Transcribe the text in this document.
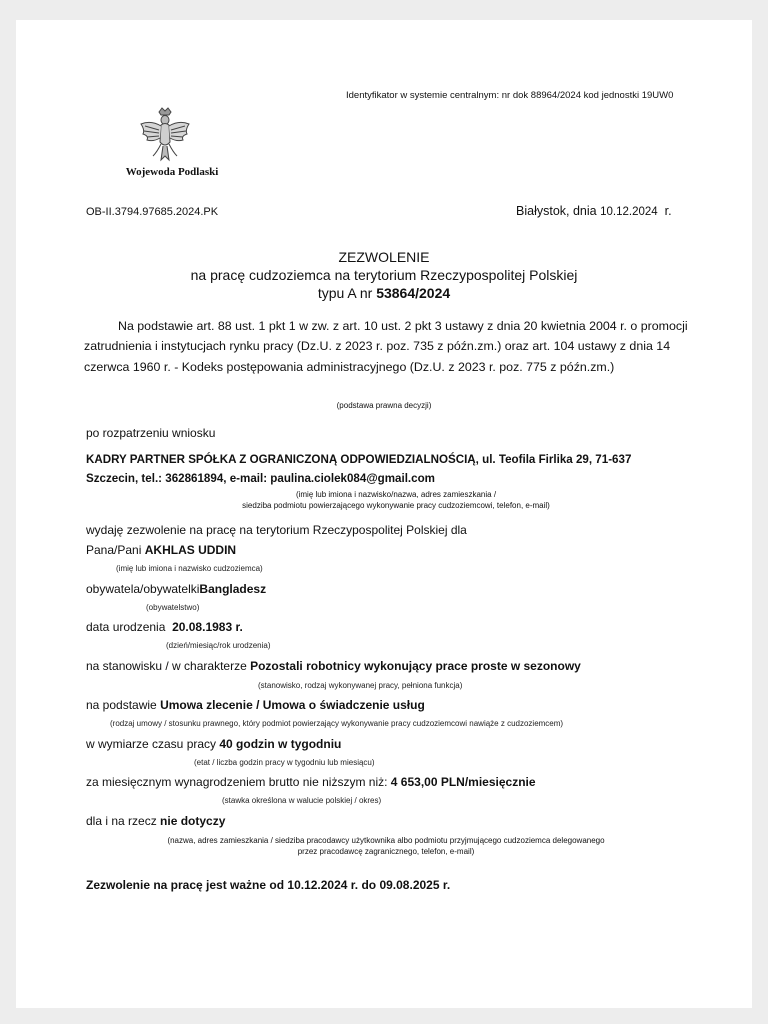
Identyfikator w systemie centralnym: nr dok 88964/2024 kod jednostki 19UW0
Wojewoda Podlaski
OB-II.3794.97685.2024.PK	Białystok, dnia 10.12.2024 r.
ZEZWOLENIE
na pracę cudzoziemca na terytorium Rzeczypospolitej Polskiej
typu A nr 53864/2024
Na podstawie art. 88 ust. 1 pkt 1 w zw. z art. 10 ust. 2 pkt 3 ustawy z dnia 20 kwietnia 2004 r. o promocji zatrudnienia i instytucjach rynku pracy (Dz.U. z 2023 r. poz. 735 z późn.zm.) oraz art. 104 ustawy z dnia 14 czerwca 1960 r. - Kodeks postępowania administracyjnego (Dz.U. z 2023 r. poz. 775 z późn.zm.)
(podstawa prawna decyzji)
po rozpatrzeniu wniosku
KADRY PARTNER SPÓŁKA Z OGRANICZONĄ ODPOWIEDZIALNOŚCIĄ, ul. Teofila Firlika 29, 71-637
Szczecin, tel.: 362861894, e-mail: paulina.ciolek084@gmail.com
(imię lub imiona i nazwisko/nazwa, adres zamieszkania /
siedziba podmiotu powierzającego wykonywanie pracy cudzoziemcowi, telefon, e-mail)
wydaję zezwolenie na pracę na terytorium Rzeczypospolitej Polskiej dla
Pana/Pani AKHLAS UDDIN
(imię lub imiona i nazwisko cudzoziemca)
obywatela/obywatelkiBangladesz
(obywatelstwo)
data urodzenia 20.08.1983 r.
(dzień/miesiąc/rok urodzenia)
na stanowisku / w charakterze Pozostali robotnicy wykonujący prace proste w sezonowy
(stanowisko, rodzaj wykonywanej pracy, pełniona funkcja)
na podstawie Umowa zlecenie / Umowa o świadczenie usług
(rodzaj umowy / stosunku prawnego, który podmiot powierzający wykonywanie pracy cudzoziemcowi nawiąże z cudzoziemcem)
w wymiarze czasu pracy 40 godzin w tygodniu
(etat / liczba godzin pracy w tygodniu lub miesiącu)
za miesięcznym wynagrodzeniem brutto nie niższym niż: 4 653,00 PLN/miesięcznie
(stawka określona w walucie polskiej / okres)
dla i na rzecz nie dotyczy
(nazwa, adres zamieszkania / siedziba pracodawcy użytkownika albo podmiotu przyjmującego cudzoziemca delegowanego
przez pracodawcę zagranicznego, telefon, e-mail)
Zezwolenie na pracę jest ważne od 10.12.2024 r. do 09.08.2025 r.
